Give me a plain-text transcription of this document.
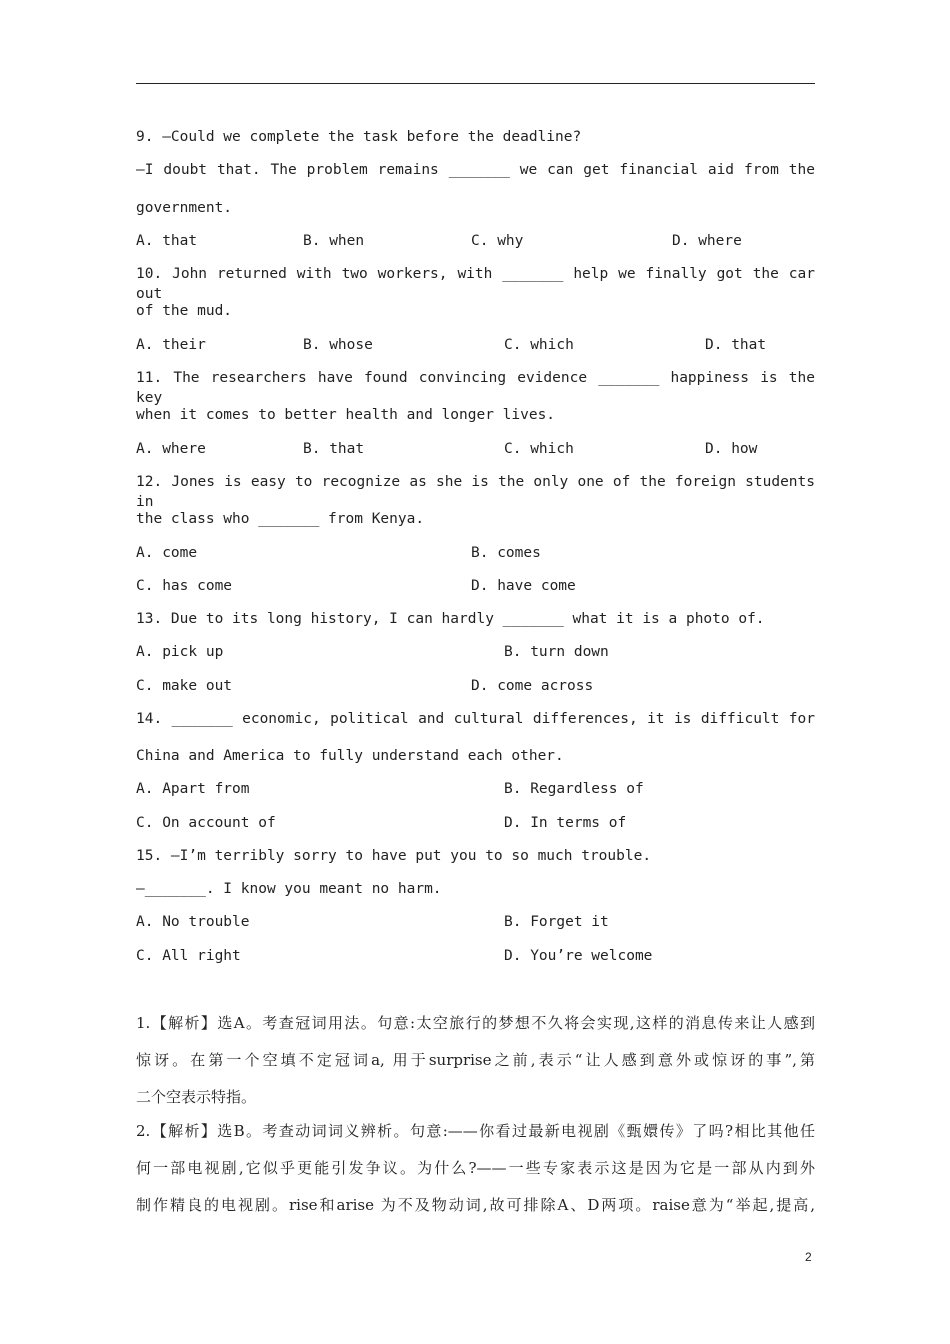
9. —Could we complete the task before the deadline?
—I doubt that. The problem remains _______ we can get financial aid from the
government.
A. that	B. when	C. why	D. where
10. John returned with two workers, with _______ help we finally got the car out
of the mud.
A. their	B. whose	C. which	D. that
11. The researchers have found convincing evidence _______ happiness is the key
when it comes to better health and longer lives.
A. where	B. that	C. which	D. how
12. Jones is easy to recognize as she is the only one of the foreign students in
the class who _______ from Kenya.
A. come	B. comes
C. has come	D. have come
13. Due to its long history, I can hardly _______ what it is a photo of.
A. pick up	B. turn down
C. make out	D. come across
14. _______ economic, political and cultural differences, it is difficult for
China and America to fully understand each other.
A. Apart from	B. Regardless of
C. On account of	D. In terms of
15. —I’m terribly sorry to have put you to so much trouble.
—_______. I know you meant no harm.
A. No trouble	B. Forget it
C. All right	D. You’re welcome
1.【解析】选A。考查冠词用法。句意:太空旅行的梦想不久将会实现,这样的消息传来让人感到
惊讶。在第一个空填不定冠词a, 用于surprise之前,表示“让人感到意外或惊讶的事”,第
二个空表示特指。
2.【解析】选B。考查动词词义辨析。句意:——你看过最新电视剧《甄嬛传》了吗?相比其他任
何一部电视剧,它似乎更能引发争议。为什么?——一些专家表示这是因为它是一部从内到外
制作精良的电视剧。rise和arise 为不及物动词,故可排除A、D两项。raise意为“举起,提高,
2
